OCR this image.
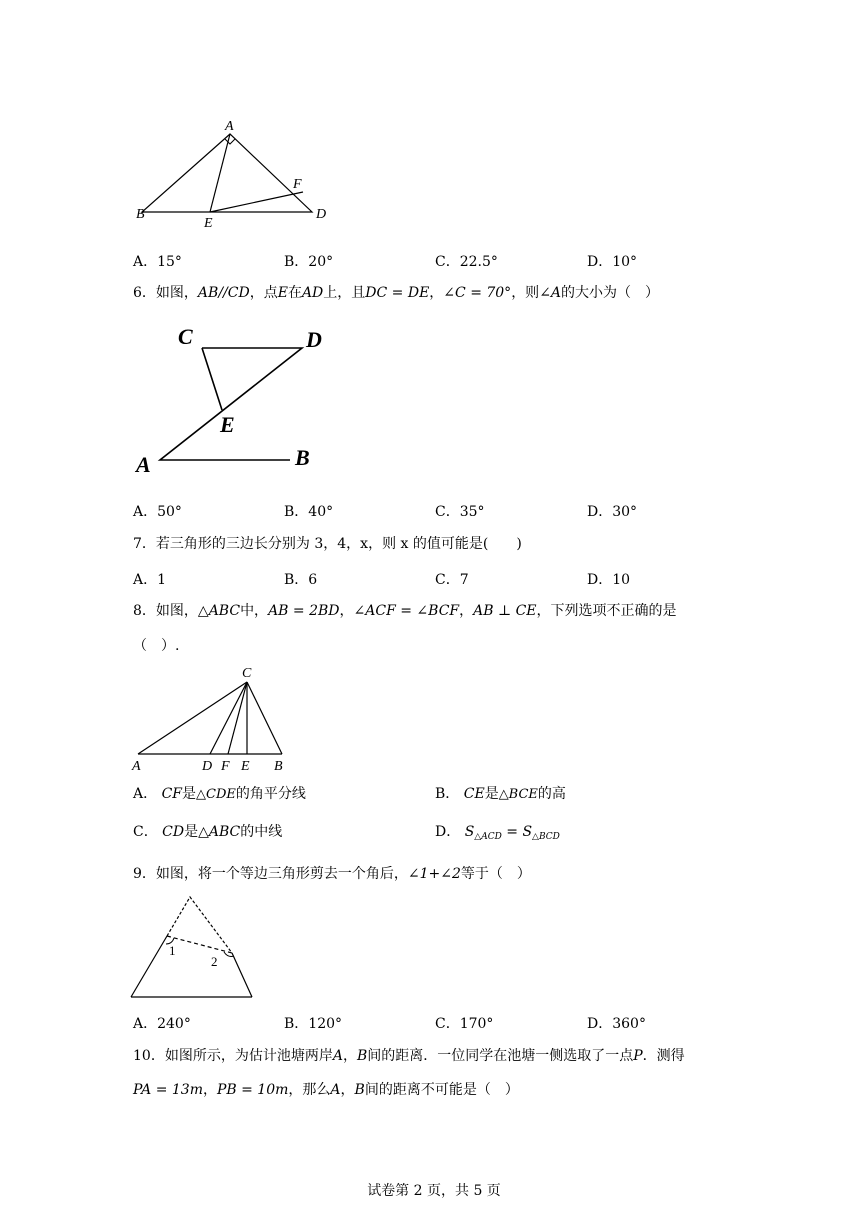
A
B	D
E
F
A．15°	B．20°	C．22.5°	D．10°
6．如图，AB//CD，点E在AD上，且DC = DE，∠C = 70°，则∠A的大小为（　）
C	D
E
A	B
A．50°	B．40°	C．35°	D．30°
7．若三角形的三边长分别为 3，4，x，则 x 的值可能是(　　)
A．1	B．6	C．7	D．10
8．如图，△ABC中，AB = 2BD，∠ACF = ∠BCF，AB ⊥ CE，下列选项不正确的是
（　）.
C
A	D F E B
A． CF是△CDE的角平分线	B． CE是△BCE的高
C． CD是△ABC的中线	D． $S_{\triangle ACD} = S_{\triangle BCD}$
9．如图，将一个等边三角形剪去一个角后，∠1+∠2等于（　）
1
2
A．240°	B．120°	C．170°	D．360°
10．如图所示，为估计池塘两岸A，B间的距离．一位同学在池塘一侧选取了一点P．测得
PA = 13m，PB = 10m，那么A，B间的距离不可能是（　）
试卷第 2 页，共 5 页
